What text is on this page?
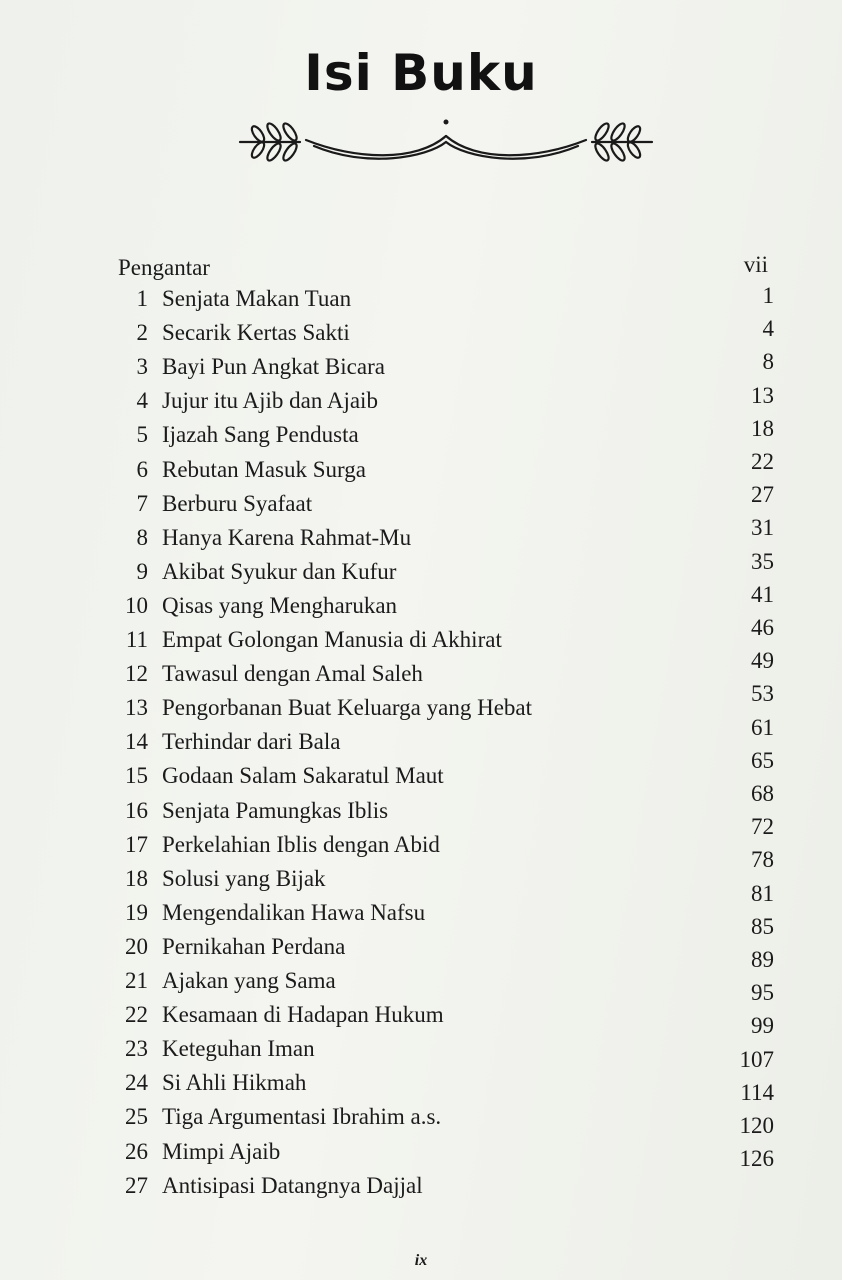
Isi Buku
Pengantar	vii
1 Senjata Makan Tuan
2 Secarik Kertas Sakti
3 Bayi Pun Angkat Bicara
4 Jujur itu Ajib dan Ajaib
5 Ijazah Sang Pendusta
6 Rebutan Masuk Surga
7 Berburu Syafaat
8 Hanya Karena Rahmat-Mu
9 Akibat Syukur dan Kufur
10 Qisas yang Mengharukan
11 Empat Golongan Manusia di Akhirat
12 Tawasul dengan Amal Saleh
13 Pengorbanan Buat Keluarga yang Hebat
14 Terhindar dari Bala
15 Godaan Salam Sakaratul Maut
16 Senjata Pamungkas Iblis
17 Perkelahian Iblis dengan Abid
18 Solusi yang Bijak
19 Mengendalikan Hawa Nafsu
20 Pernikahan Perdana
21 Ajakan yang Sama
22 Kesamaan di Hadapan Hukum
23 Keteguhan Iman
24 Si Ahli Hikmah
25 Tiga Argumentasi Ibrahim a.s.
26 Mimpi Ajaib
27 Antisipasi Datangnya Dajjal
1
4
8
13
18
22
27
31
35
41
46
49
53
61
65
68
72
78
81
85
89
95
99
107
114
120
126
ix
